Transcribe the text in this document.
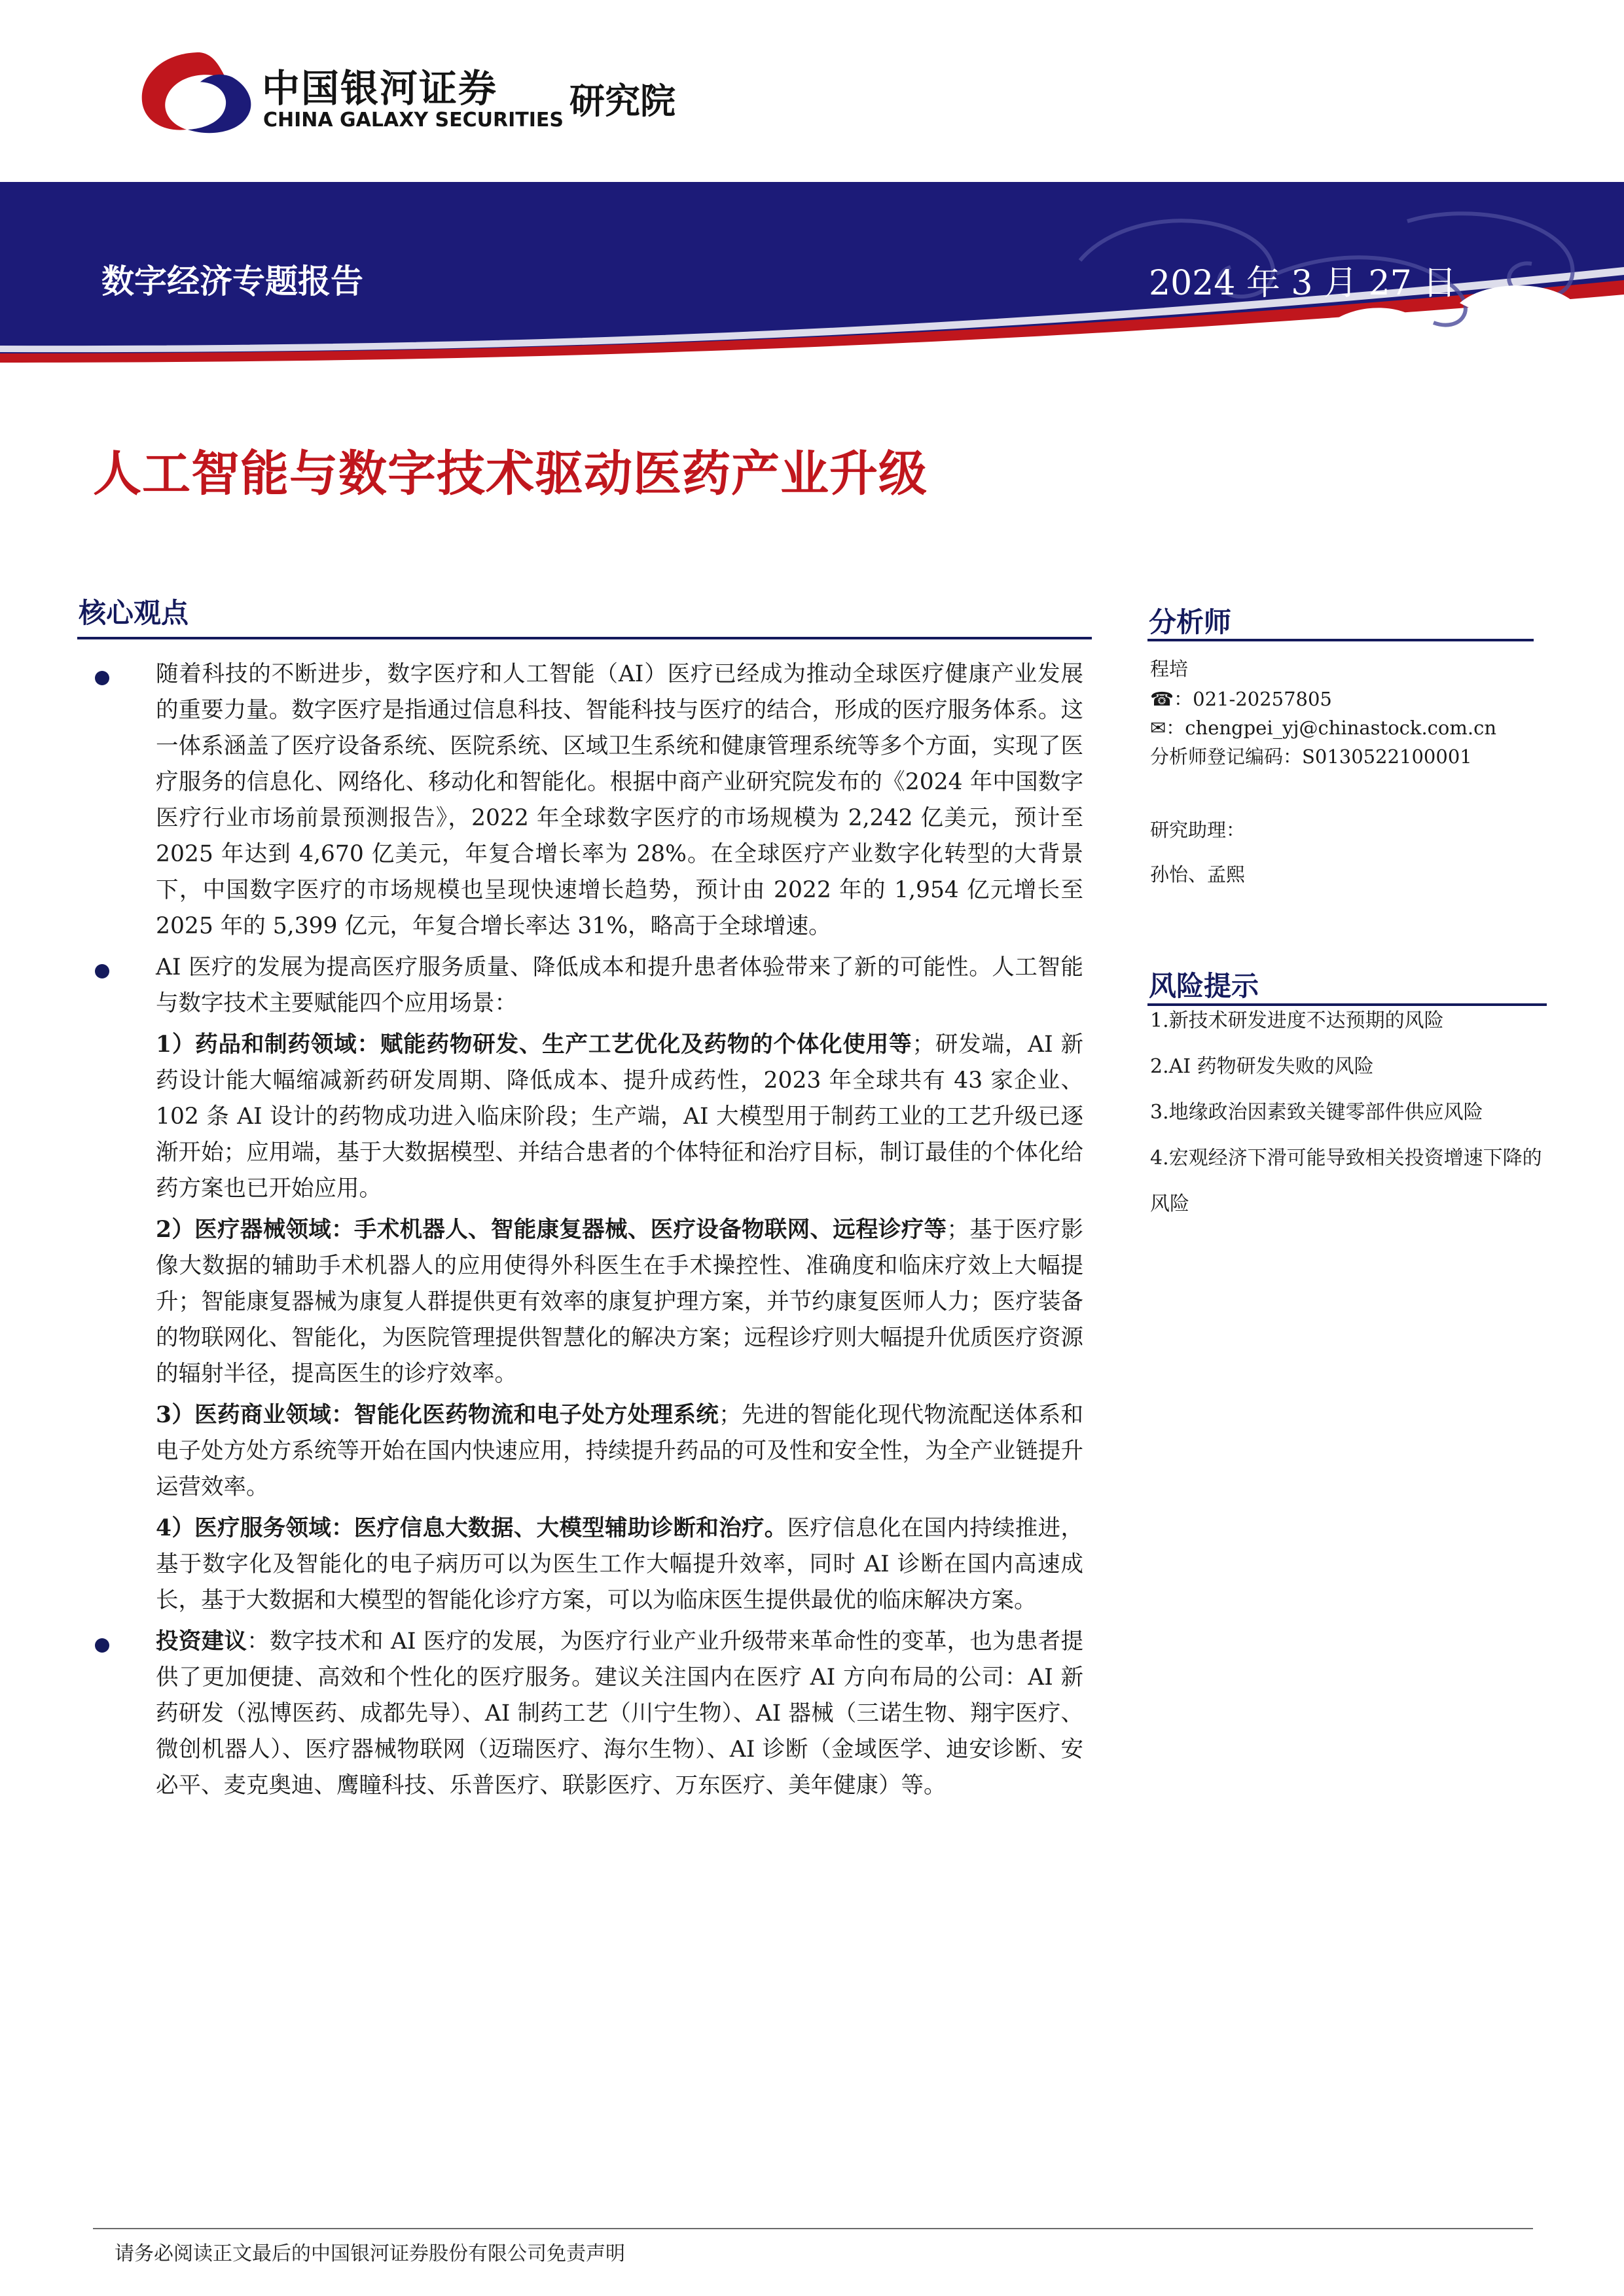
中国银河证券
CHINA GALAXY SECURITIES 研究院
数字经济专题报告	2024 年 3 月 27 日
人工智能与数字技术驱动医药产业升级
核心观点
随着科技的不断进步，数字医疗和人工智能（AI）医疗已经成为推动全球医疗健康产业发展的重要力量。数字医疗是指通过信息科技、智能科技与医疗的结合，形成的医疗服务体系。这一体系涵盖了医疗设备系统、医院系统、区域卫生系统和健康管理系统等多个方面，实现了医疗服务的信息化、网络化、移动化和智能化。根据中商产业研究院发布的《2024 年中国数字医疗行业市场前景预测报告》，2022 年全球数字医疗的市场规模为 2,242 亿美元，预计至 2025 年达到 4,670 亿美元，年复合增长率为 28%。在全球医疗产业数字化转型的大背景下，中国数字医疗的市场规模也呈现快速增长趋势，预计由 2022 年的 1,954 亿元增长至 2025 年的 5,399 亿元，年复合增长率达 31%，略高于全球增速。
AI 医疗的发展为提高医疗服务质量、降低成本和提升患者体验带来了新的可能性。人工智能与数字技术主要赋能四个应用场景：
1）药品和制药领域：赋能药物研发、生产工艺优化及药物的个体化使用等；研发端，AI 新药设计能大幅缩减新药研发周期、降低成本、提升成药性，2023 年全球共有 43 家企业、102 条 AI 设计的药物成功进入临床阶段；生产端，AI 大模型用于制药工业的工艺升级已逐渐开始；应用端，基于大数据模型、并结合患者的个体特征和治疗目标，制订最佳的个体化给药方案也已开始应用。
2）医疗器械领域：手术机器人、智能康复器械、医疗设备物联网、远程诊疗等；基于医疗影像大数据的辅助手术机器人的应用使得外科医生在手术操控性、准确度和临床疗效上大幅提升；智能康复器械为康复人群提供更有效率的康复护理方案，并节约康复医师人力；医疗装备的物联网化、智能化，为医院管理提供智慧化的解决方案；远程诊疗则大幅提升优质医疗资源的辐射半径，提高医生的诊疗效率。
3）医药商业领域：智能化医药物流和电子处方处理系统；先进的智能化现代物流配送体系和电子处方处方系统等开始在国内快速应用，持续提升药品的可及性和安全性，为全产业链提升运营效率。
4）医疗服务领域：医疗信息大数据、大模型辅助诊断和治疗。医疗信息化在国内持续推进，基于数字化及智能化的电子病历可以为医生工作大幅提升效率，同时 AI 诊断在国内高速成长，基于大数据和大模型的智能化诊疗方案，可以为临床医生提供最优的临床解决方案。
投资建议：数字技术和 AI 医疗的发展，为医疗行业产业升级带来革命性的变革，也为患者提供了更加便捷、高效和个性化的医疗服务。建议关注国内在医疗 AI 方向布局的公司：AI 新药研发（泓博医药、成都先导）、AI 制药工艺（川宁生物）、AI 器械（三诺生物、翔宇医疗、微创机器人）、医疗器械物联网（迈瑞医疗、海尔生物）、AI 诊断（金域医学、迪安诊断、安必平、麦克奥迪、鹰瞳科技、乐普医疗、联影医疗、万东医疗、美年健康）等。
分析师
程培
☎：021-20257805
✉：chengpei_yj@chinastock.com.cn
分析师登记编码：S0130522100001
研究助理：
孙怡、孟熙
风险提示
1.新技术研发进度不达预期的风险
2.AI 药物研发失败的风险
3.地缘政治因素致关键零部件供应风险
4.宏观经济下滑可能导致相关投资增速下降的风险
请务必阅读正文最后的中国银河证券股份有限公司免责声明
